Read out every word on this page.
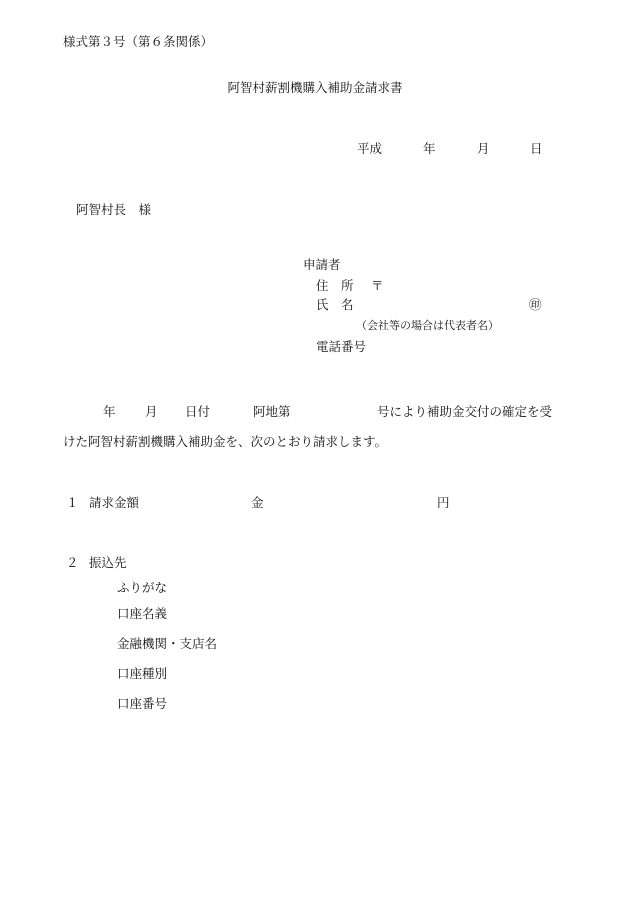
様式第３号（第６条関係）
阿智村薪割機購入補助金請求書
平成	年	月	日
阿智村長　様
申請者
住　所 〒
氏　名	㊞
（会社等の場合は代表者名）
電話番号
年 月 日付	阿地第	号により補助金交付の確定を受
けた阿智村薪割機購入補助金を、次のとおり請求します。
１ 請求金額	金	円
２ 振込先
ふりがな
口座名義
金融機関・支店名
口座種別
口座番号
